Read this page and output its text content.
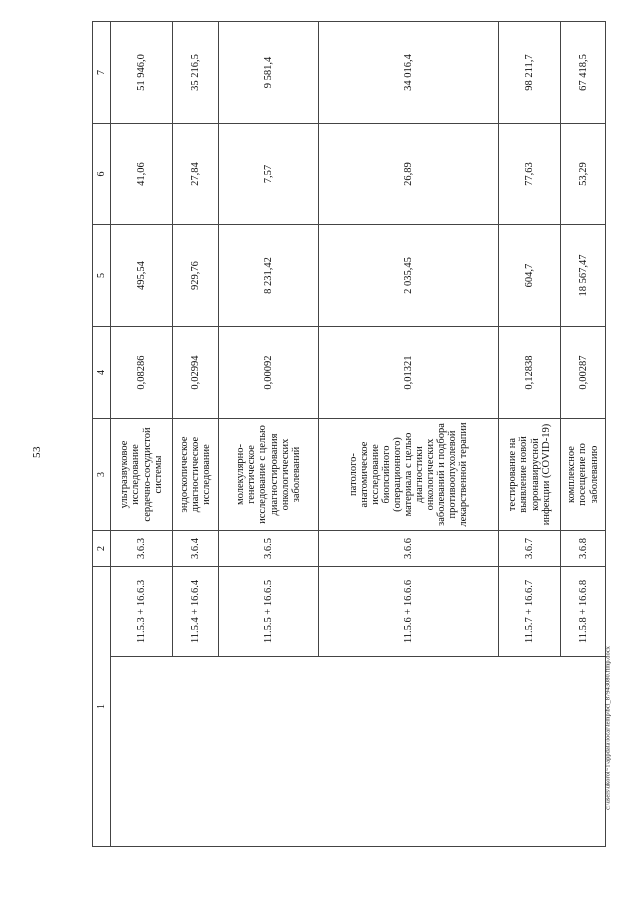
53
1		2	3	4	5	6	7
	11.5.3 + 16.6.3	3.6.3	ультразвуковое исследование сердечно-сосудистой системы	0,08286	495,54	41,06	51 946,0
	11.5.4 + 16.6.4	3.6.4	эндоскопическое диагностическое исследование	0,02994	929,76	27,84	35 216,5
	11.5.5 + 16.6.5	3.6.5	молекулярно-генетическое исследование с целью диагностирования онкологических заболеваний	0,00092	8 231,42	7,57	9 581,4
	11.5.6 + 16.6.6	3.6.6	патолого-анатомическое исследование биопсийного (операционного) материала с целью диагностики онкологических заболеваний и подбора противоопухолевой лекарственной терапии	0,01321	2 035,45	26,89	34 016,4
	11.5.7 + 16.6.7	3.6.7	тестирование на выявление новой коронавирусной инфекции (COVID-19)	0,12838	604,7	77,63	98 211,7
	11.5.8 + 16.6.8	3.6.8	комплексное посещение по заболеванию	0,00287	18 567,47	53,29	67 418,5
c:\users\ukorol~1\appdata\local\temp\bcl_87943080.ftmp.docx
